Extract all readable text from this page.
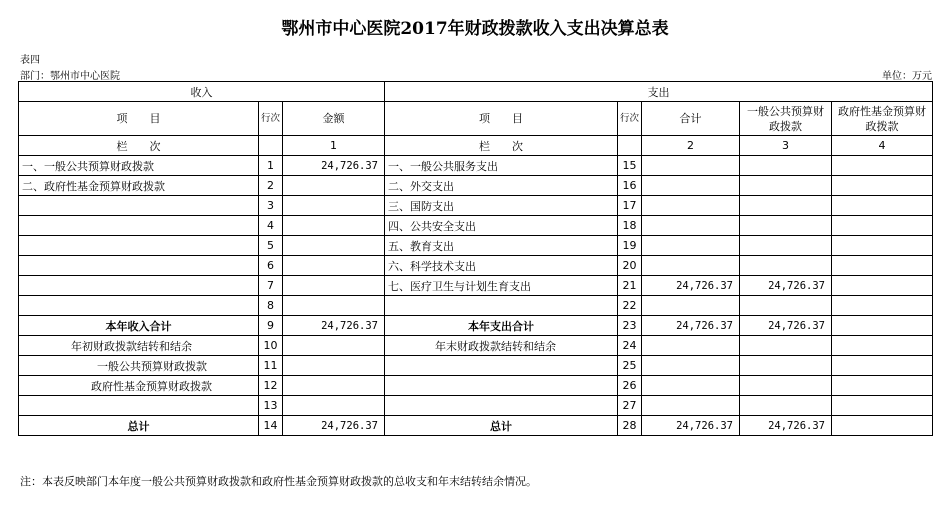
鄂州市中心医院2017年财政拨款收入支出决算总表
表四
部门：鄂州市中心医院	单位：万元
收入			支出				
项　　目	行次	金额	项　　目	行次	合计	一般公共预算财政拨款	政府性基金预算财政拨款
栏　　次		1	栏　　次		2	3	4
一、一般公共预算财政拨款	1	24,726.37	一、一般公共服务支出	15			
二、政府性基金预算财政拨款	2		二、外交支出	16			
	3		三、国防支出	17			
	4		四、公共安全支出	18			
	5		五、教育支出	19			
	6		六、科学技术支出	20			
	7		七、医疗卫生与计划生育支出	21	24,726.37	24,726.37	
	8			22			
本年收入合计	9	24,726.37	本年支出合计	23	24,726.37	24,726.37	
年初财政拨款结转和结余	10		年末财政拨款结转和结余	24			
一般公共预算财政拨款	11			25			
政府性基金预算财政拨款	12			26			
	13			27			
总计	14	24,726.37	总计	28	24,726.37	24,726.37	
注：本表反映部门本年度一般公共预算财政拨款和政府性基金预算财政拨款的总收支和年末结转结余情况。
